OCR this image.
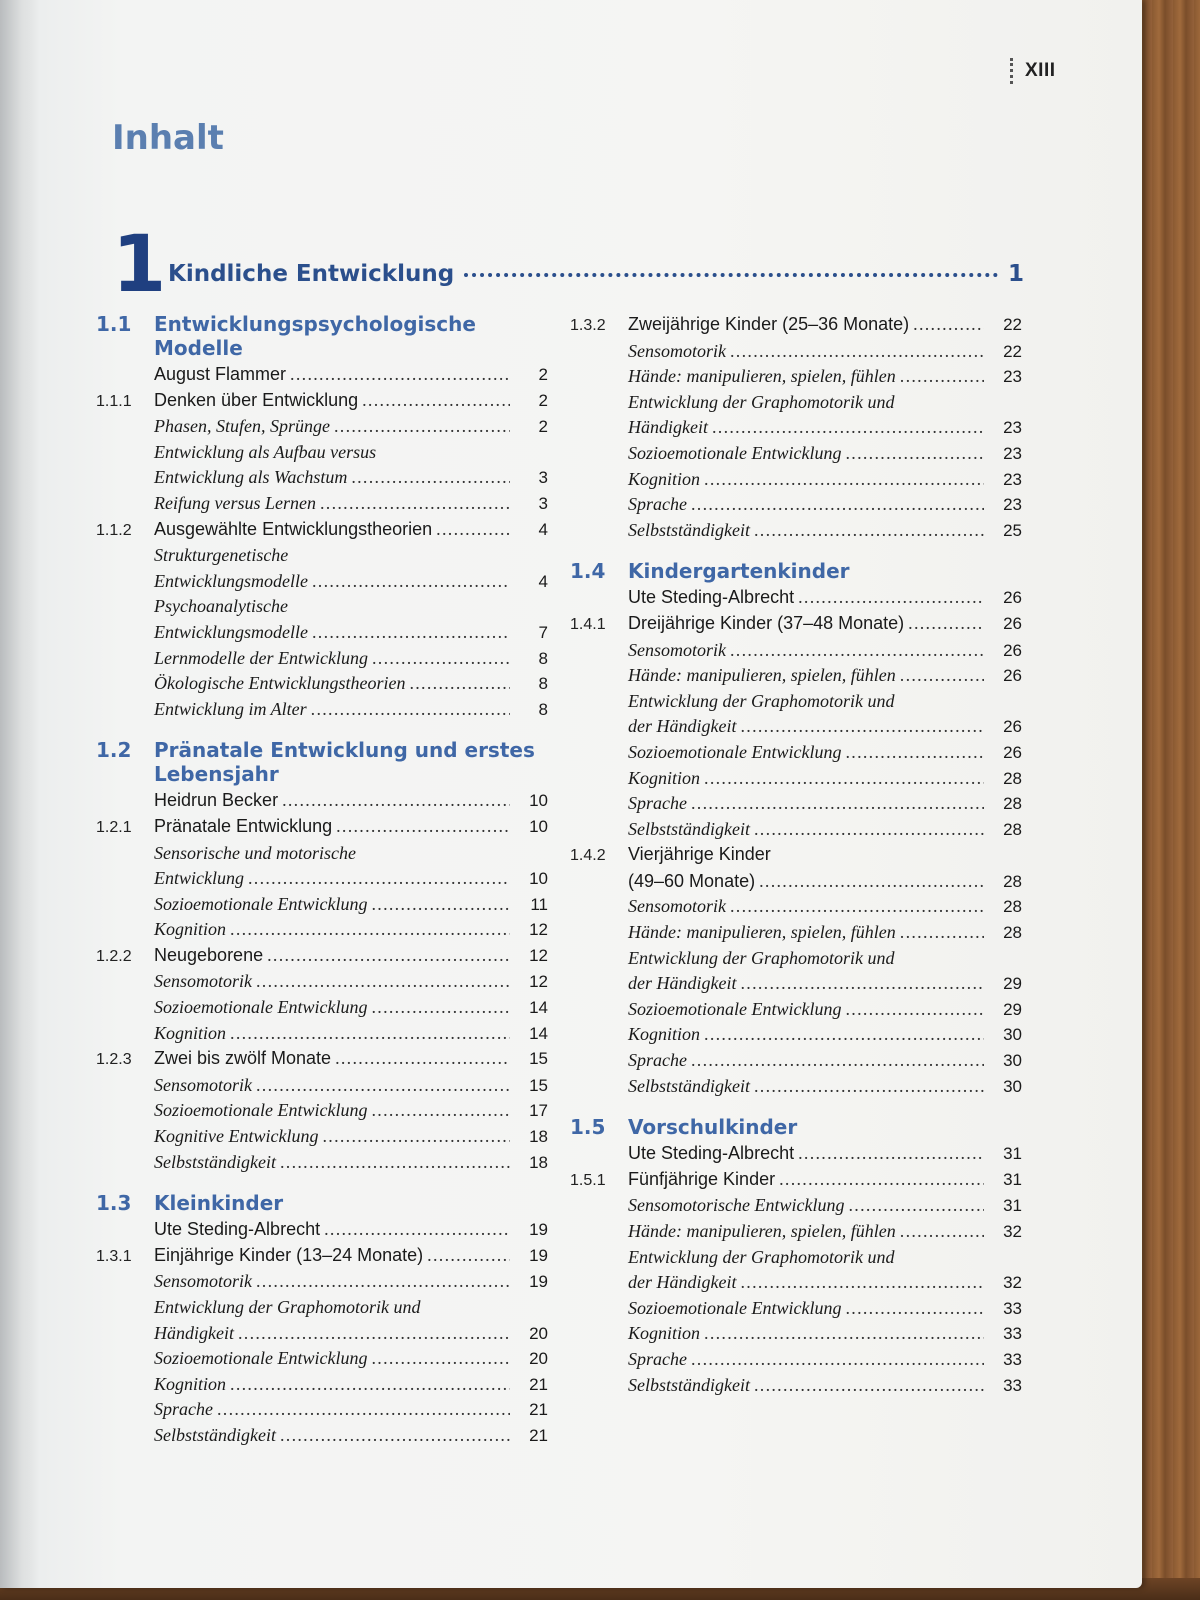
XIII
Inhalt
1 Kindliche Entwicklung	1
1.1	Entwicklungspsychologische Modelle
August Flammer . . .	2
1.1.1	Denken über Entwicklung . . .	2
Phasen, Stufen, Sprünge . . .	2
Entwicklung als Aufbau versus
Entwicklung als Wachstum . . .	3
Reifung versus Lernen . . .	3
1.1.2	Ausgewählte Entwicklungstheorien . . .	4
Strukturgenetische
Entwicklungsmodelle . . .	4
Psychoanalytische
Entwicklungsmodelle . . .	7
Lernmodelle der Entwicklung . . .	8
Ökologische Entwicklungstheorien . . .	8
Entwicklung im Alter . . .	8
1.2	Pränatale Entwicklung und erstes Lebensjahr
Heidrun Becker . . .	10
1.2.1	Pränatale Entwicklung . . .	10
Sensorische und motorische
Entwicklung . . .	10
Sozioemotionale Entwicklung . . .	11
Kognition . . .	12
1.2.2	Neugeborene . . .	12
Sensomotorik . . .	12
Sozioemotionale Entwicklung . . .	14
Kognition . . .	14
1.2.3	Zwei bis zwölf Monate . . .	15
Sensomotorik . . .	15
Sozioemotionale Entwicklung . . .	17
Kognitive Entwicklung . . .	18
Selbstständigkeit . . .	18
1.3	Kleinkinder
Ute Steding-Albrecht . . .	19
1.3.1	Einjährige Kinder (13–24 Monate) . . .	19
Sensomotorik . . .	19
Entwicklung der Graphomotorik und
Händigkeit . . .	20
Sozioemotionale Entwicklung . . .	20
Kognition . . .	21
Sprache . . .	21
Selbstständigkeit . . .	21
1.3.2	Zweijährige Kinder (25–36 Monate) . . .	22
Sensomotorik . . .	22
Hände: manipulieren, spielen, fühlen . . .	23
Entwicklung der Graphomotorik und
Händigkeit . . .	23
Sozioemotionale Entwicklung . . .	23
Kognition . . .	23
Sprache . . .	23
Selbstständigkeit . . .	25
1.4	Kindergartenkinder
Ute Steding-Albrecht . . .	26
1.4.1	Dreijährige Kinder (37–48 Monate) . . .	26
Sensomotorik . . .	26
Hände: manipulieren, spielen, fühlen . . .	26
Entwicklung der Graphomotorik und
der Händigkeit . . .	26
Sozioemotionale Entwicklung . . .	26
Kognition . . .	28
Sprache . . .	28
Selbstständigkeit . . .	28
1.4.2	Vierjährige Kinder
(49–60 Monate) . . .	28
Sensomotorik . . .	28
Hände: manipulieren, spielen, fühlen . . .	28
Entwicklung der Graphomotorik und
der Händigkeit . . .	29
Sozioemotionale Entwicklung . . .	29
Kognition . . .	30
Sprache . . .	30
Selbstständigkeit . . .	30
1.5	Vorschulkinder
Ute Steding-Albrecht . . .	31
1.5.1	Fünfjährige Kinder . . .	31
Sensomotorische Entwicklung . . .	31
Hände: manipulieren, spielen, fühlen . . .	32
Entwicklung der Graphomotorik und
der Händigkeit . . .	32
Sozioemotionale Entwicklung . . .	33
Kognition . . .	33
Sprache . . .	33
Selbstständigkeit . . .	33
